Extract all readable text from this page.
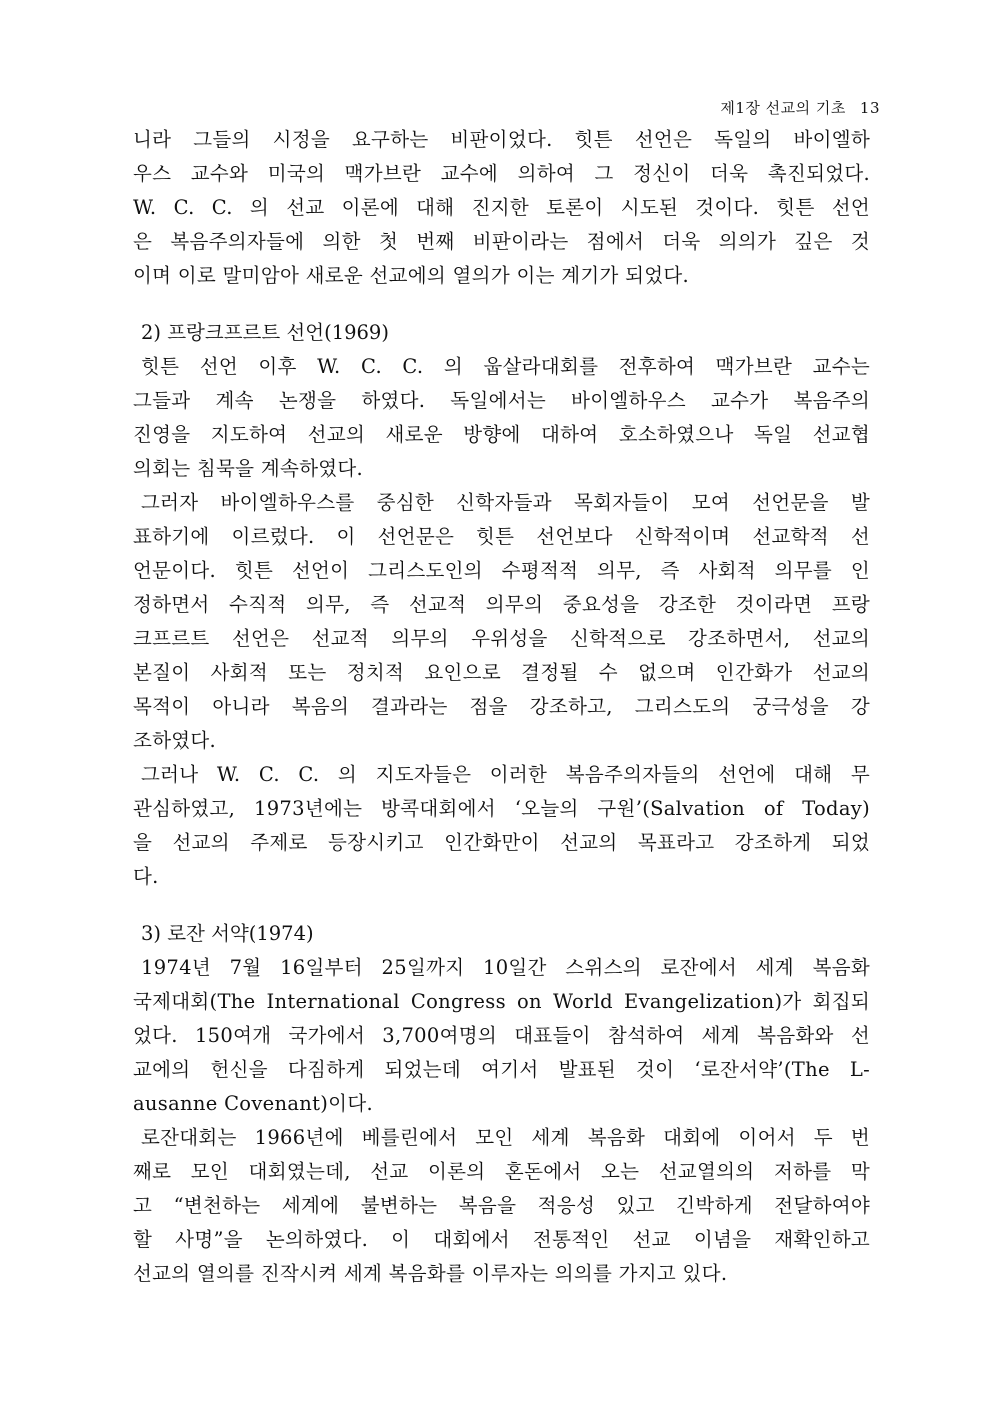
제1장 선교의 기초 13
니라 그들의 시정을 요구하는 비판이었다. 힛튼 선언은 독일의 바이엘하
우스 교수와 미국의 맥가브란 교수에 의하여 그 정신이 더욱 촉진되었다.
W. C. C. 의 선교 이론에 대해 진지한 토론이 시도된 것이다. 힛튼 선언
은 복음주의자들에 의한 첫 번째 비판이라는 점에서 더욱 의의가 깊은 것
이며 이로 말미암아 새로운 선교에의 열의가 이는 계기가 되었다.
2) 프랑크프르트 선언(1969)
힛튼 선언 이후 W. C. C. 의 웁살라대회를 전후하여 맥가브란 교수는
그들과 계속 논쟁을 하였다. 독일에서는 바이엘하우스 교수가 복음주의
진영을 지도하여 선교의 새로운 방향에 대하여 호소하였으나 독일 선교협
의회는 침묵을 계속하였다.
그러자 바이엘하우스를 중심한 신학자들과 목회자들이 모여 선언문을 발
표하기에 이르렀다. 이 선언문은 힛튼 선언보다 신학적이며 선교학적 선
언문이다. 힛튼 선언이 그리스도인의 수평적적 의무, 즉 사회적 의무를 인
정하면서 수직적 의무, 즉 선교적 의무의 중요성을 강조한 것이라면 프랑
크프르트 선언은 선교적 의무의 우위성을 신학적으로 강조하면서, 선교의
본질이 사회적 또는 정치적 요인으로 결정될 수 없으며 인간화가 선교의
목적이 아니라 복음의 결과라는 점을 강조하고, 그리스도의 궁극성을 강
조하였다.
그러나 W. C. C. 의 지도자들은 이러한 복음주의자들의 선언에 대해 무
관심하였고, 1973년에는 방콕대회에서 ‘오늘의 구원’(Salvation of Today)
을 선교의 주제로 등장시키고 인간화만이 선교의 목표라고 강조하게 되었
다.
3) 로잔 서약(1974)
1974년 7월 16일부터 25일까지 10일간 스위스의 로잔에서 세계 복음화
국제대회(The International Congress on World Evangelization)가 회집되
었다. 150여개 국가에서 3,700여명의 대표들이 참석하여 세계 복음화와 선
교에의 헌신을 다짐하게 되었는데 여기서 발표된 것이 ‘로잔서약’(The L-
ausanne Covenant)이다.
로잔대회는 1966년에 베를린에서 모인 세계 복음화 대회에 이어서 두 번
째로 모인 대회였는데, 선교 이론의 혼돈에서 오는 선교열의의 저하를 막
고 “변천하는 세계에 불변하는 복음을 적응성 있고 긴박하게 전달하여야
할 사명”을 논의하였다. 이 대회에서 전통적인 선교 이념을 재확인하고
선교의 열의를 진작시켜 세계 복음화를 이루자는 의의를 가지고 있다.
